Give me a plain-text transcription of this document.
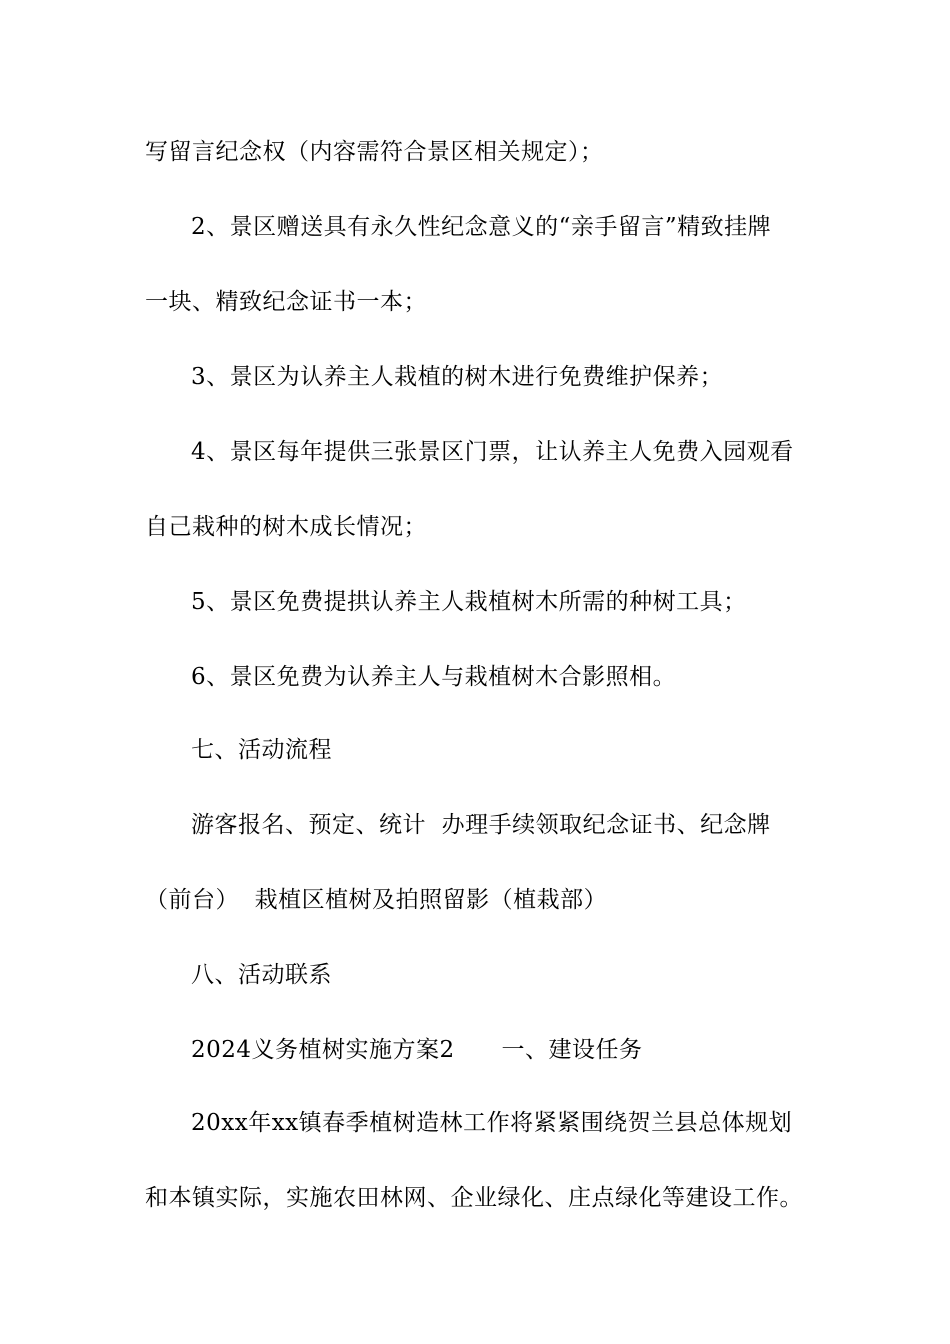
写留言纪念权（内容需符合景区相关规定）；
2、景区赠送具有永久性纪念意义的“亲手留言”精致挂牌
一块、精致纪念证书一本；
3、景区为认养主人栽植的树木进行免费维护保养；
4、景区每年提供三张景区门票，让认养主人免费入园观看
自己栽种的树木成长情况；
5、景区免费提拱认养主人栽植树木所需的种树工具；
6、景区免费为认养主人与栽植树木合影照相。
七、活动流程
游客报名、预定、统计  办理手续领取纪念证书、纪念牌
（前台）  栽植区植树及拍照留影（植栽部）
八、活动联系
2024义务植树实施方案2      一、建设任务
20xx年xx镇春季植树造林工作将紧紧围绕贺兰县总体规划
和本镇实际，实施农田林网、企业绿化、庄点绿化等建设工作。
